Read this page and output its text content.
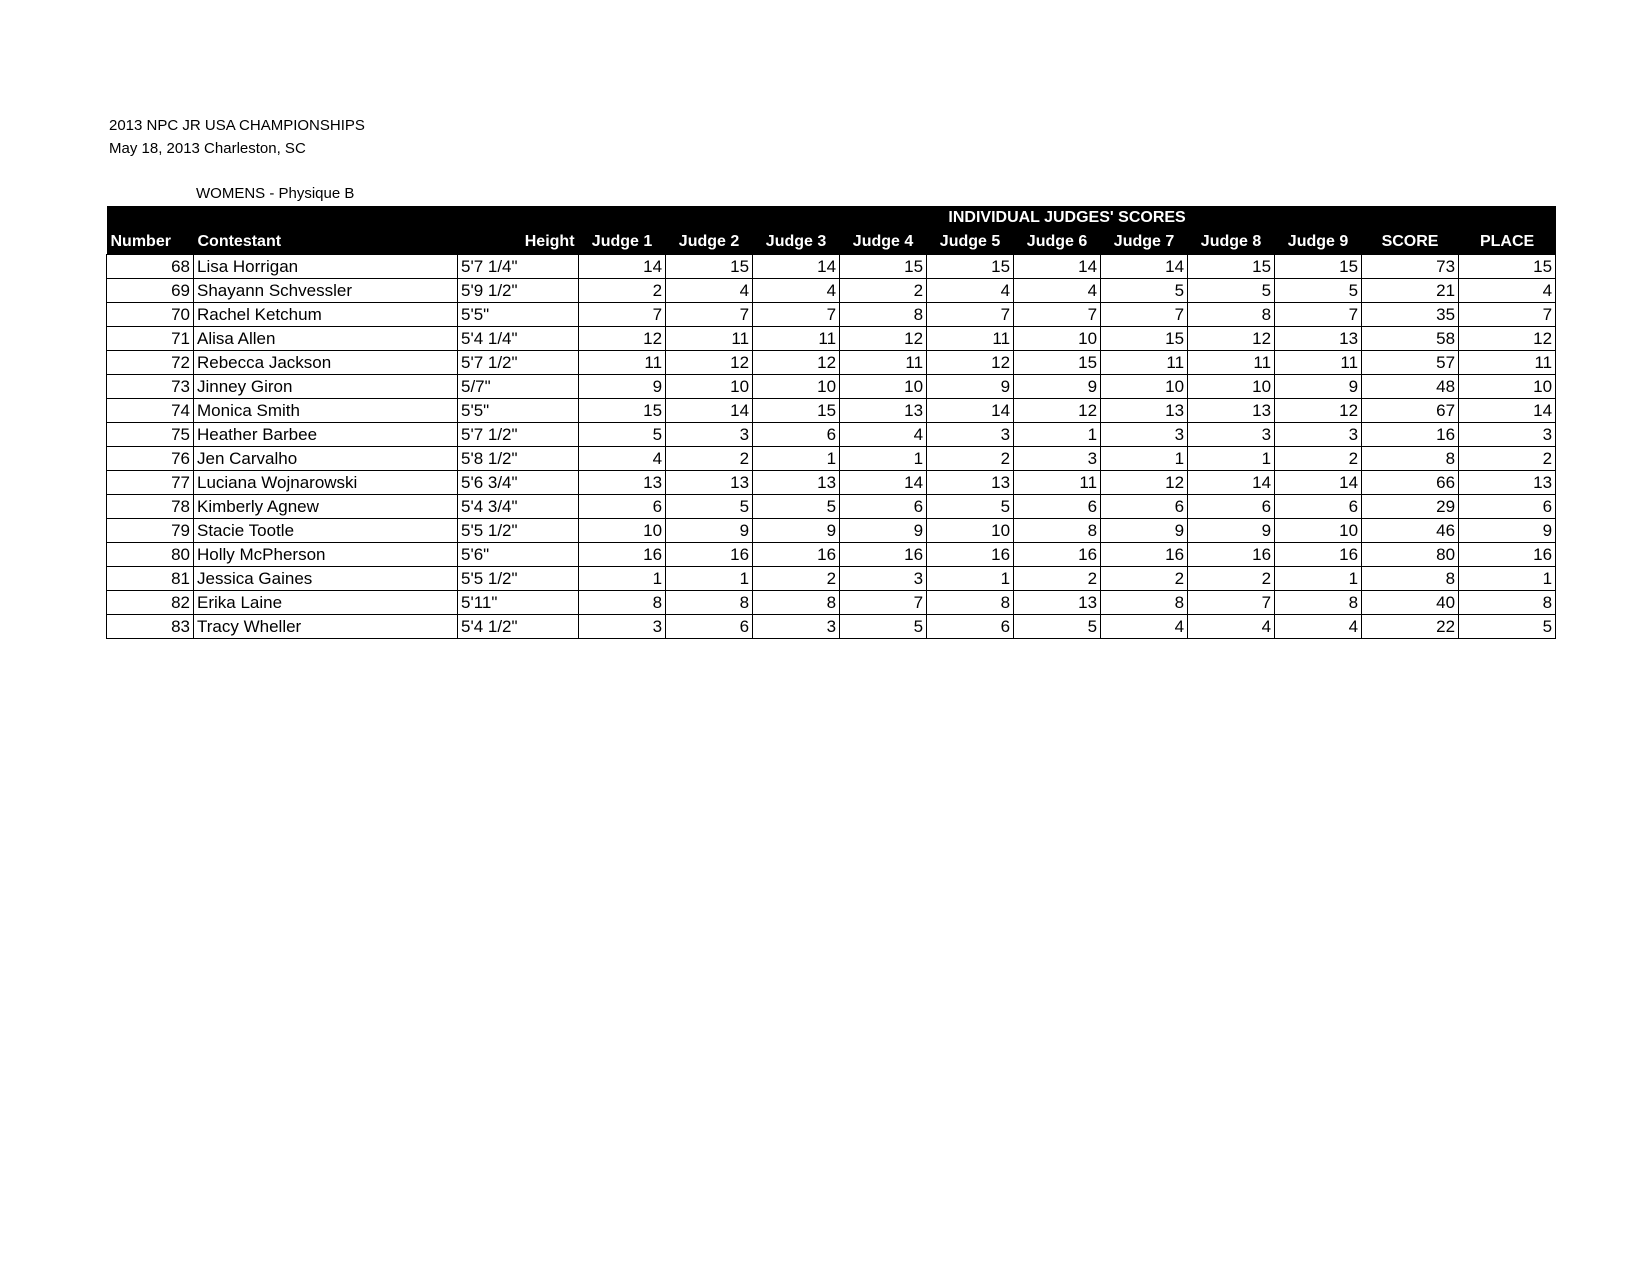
2013 NPC JR USA CHAMPIONSHIPS
May 18, 2013 Charleston, SC
WOMENS - Physique B
			INDIVIDUAL JUDGES' SCORES										
Number	Contestant	Height	Judge 1	Judge 2	Judge 3	Judge 4	Judge 5	Judge 6	Judge 7	Judge 8	Judge 9	SCORE	PLACE
68	Lisa Horrigan	5'7 1/4"	14	15	14	15	15	14	14	15	15	73	15
69	Shayann Schvessler	5'9 1/2"	2	4	4	2	4	4	5	5	5	21	4
70	Rachel Ketchum	5'5"	7	7	7	8	7	7	7	8	7	35	7
71	Alisa Allen	5'4 1/4"	12	11	11	12	11	10	15	12	13	58	12
72	Rebecca Jackson	5'7 1/2"	11	12	12	11	12	15	11	11	11	57	11
73	Jinney Giron	5/7"	9	10	10	10	9	9	10	10	9	48	10
74	Monica Smith	5'5"	15	14	15	13	14	12	13	13	12	67	14
75	Heather Barbee	5'7 1/2"	5	3	6	4	3	1	3	3	3	16	3
76	Jen Carvalho	5'8 1/2"	4	2	1	1	2	3	1	1	2	8	2
77	Luciana Wojnarowski	5'6 3/4"	13	13	13	14	13	11	12	14	14	66	13
78	Kimberly Agnew	5'4 3/4"	6	5	5	6	5	6	6	6	6	29	6
79	Stacie Tootle	5'5 1/2"	10	9	9	9	10	8	9	9	10	46	9
80	Holly McPherson	5'6"	16	16	16	16	16	16	16	16	16	80	16
81	Jessica Gaines	5'5 1/2"	1	1	2	3	1	2	2	2	1	8	1
82	Erika Laine	5'11"	8	8	8	7	8	13	8	7	8	40	8
83	Tracy Wheller	5'4 1/2"	3	6	3	5	6	5	4	4	4	22	5
